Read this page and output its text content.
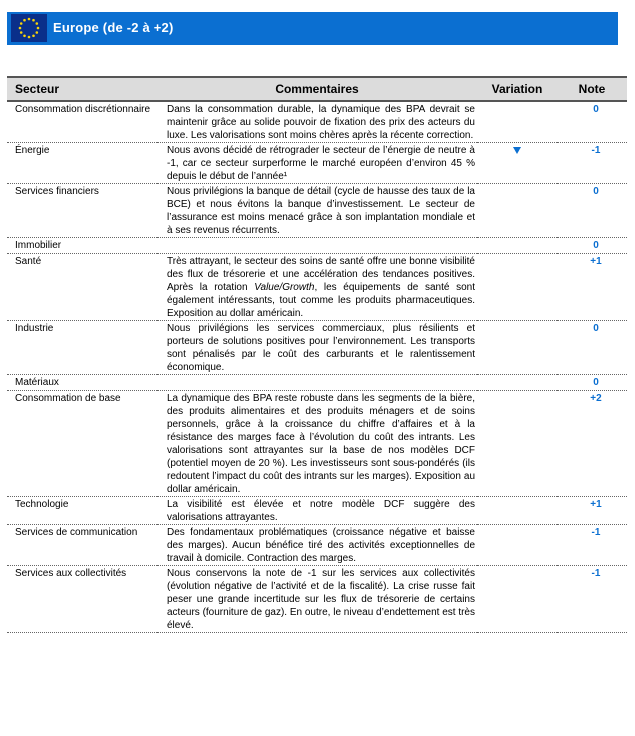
Europe (de -2 à +2)
Secteur	Commentaires	Variation	Note
Consommation discrétionnaire	Dans la consommation durable, la dynamique des BPA devrait se maintenir grâce au solide pouvoir de fixation des prix des acteurs du luxe. Les valorisations sont moins chères après la récente correction.		0
Énergie	Nous avons décidé de rétrograder le secteur de l’énergie de neutre à -1, car ce secteur surperforme le marché européen d’environ 45 % depuis le début de l’année¹		-1
Services financiers	Nous privilégions la banque de détail (cycle de hausse des taux de la BCE) et nous évitons la banque d’investissement. Le secteur de l’assurance est moins menacé grâce à son implantation mondiale et à ses revenus récurrents.		0
Immobilier			0
Santé	Très attrayant, le secteur des soins de santé offre une bonne visibilité des flux de trésorerie et une accélération des tendances positives. Après la rotation Value/Growth, les équipements de santé sont également intéressants, tout comme les produits pharmaceutiques. Exposition au dollar américain.		+1
Industrie	Nous privilégions les services commerciaux, plus résilients et porteurs de solutions positives pour l’environnement. Les transports sont pénalisés par le coût des carburants et le ralentissement économique.		0
Matériaux			0
Consommation de base	La dynamique des BPA reste robuste dans les segments de la bière, des produits alimentaires et des produits ménagers et de soins personnels, grâce à la croissance du chiffre d’affaires et à la résistance des marges face à l’évolution du coût des intrants. Les valorisations sont attrayantes sur la base de nos modèles DCF (potentiel moyen de 20 %). Les investisseurs sont sous-pondérés (ils redoutent l’impact du coût des intrants sur les marges). Exposition au dollar américain.		+2
Technologie	La visibilité est élevée et notre modèle DCF suggère des valorisations attrayantes.		+1
Services de communication	Des fondamentaux problématiques (croissance négative et baisse des marges). Aucun bénéfice tiré des activités exceptionnelles de travail à domicile. Contraction des marges.		-1
Services aux collectivités	Nous conservons la note de -1 sur les services aux collectivités (évolution négative de l’activité et de la fiscalité). La crise russe fait peser une grande incertitude sur les flux de trésorerie de certains acteurs (fourniture de gaz). En outre, le niveau d’endettement est très élevé.		-1
